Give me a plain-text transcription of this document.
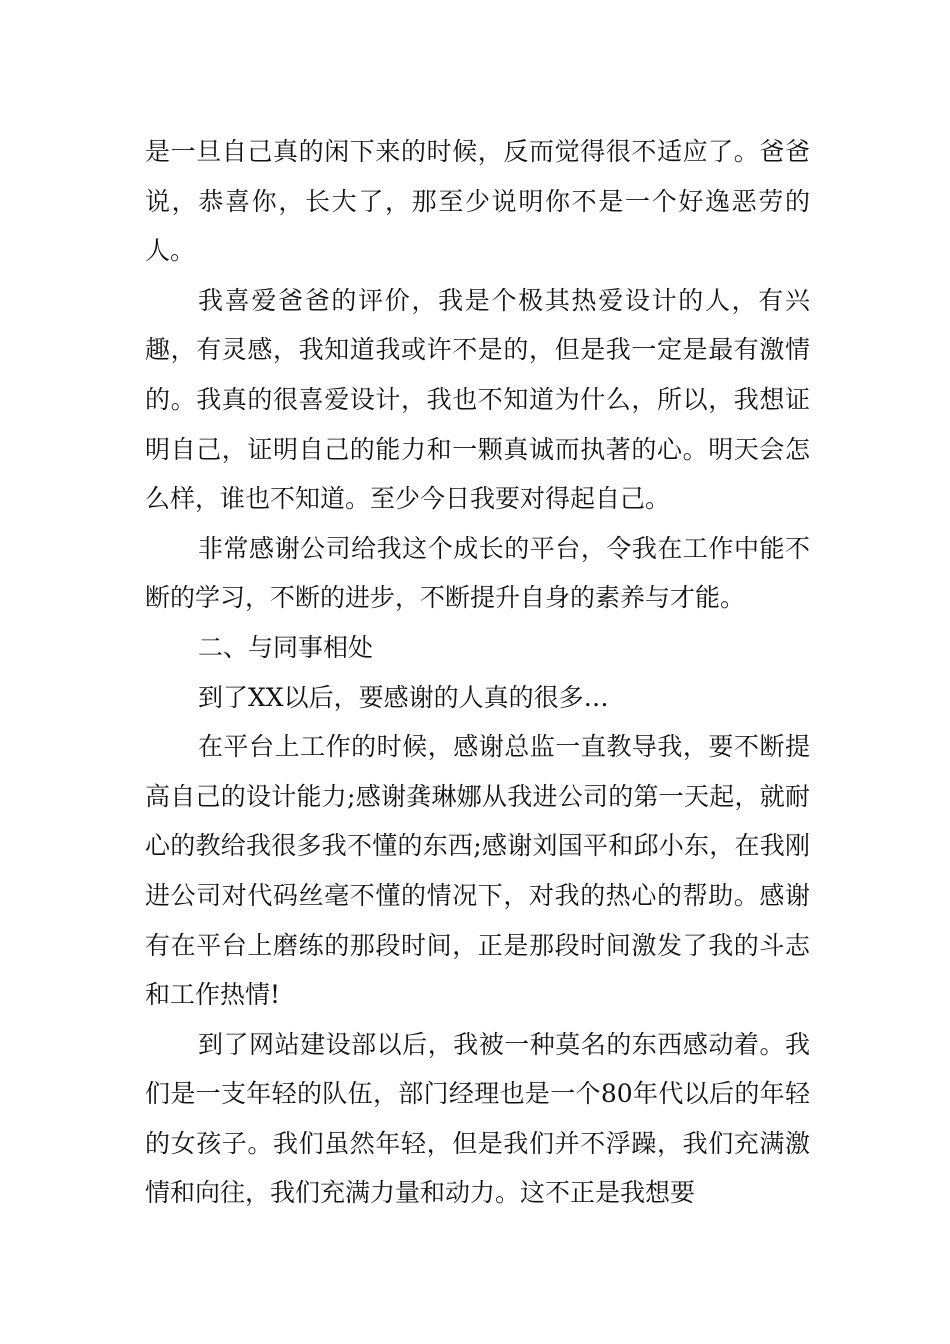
是一旦自己真的闲下来的时候，反而觉得很不适应了。爸爸说，恭喜你，长大了，那至少说明你不是一个好逸恶劳的人。

我喜爱爸爸的评价，我是个极其热爱设计的人，有兴趣，有灵感，我知道我或许不是的，但是我一定是最有激情的。我真的很喜爱设计，我也不知道为什么，所以，我想证明自己，证明自己的能力和一颗真诚而执著的心。明天会怎么样，谁也不知道。至少今日我要对得起自己。

非常感谢公司给我这个成长的平台，令我在工作中能不断的学习，不断的进步，不断提升自身的素养与才能。

二、与同事相处

到了XX以后，要感谢的人真的很多…

在平台上工作的时候，感谢总监一直教导我，要不断提高自己的设计能力;感谢龚琳娜从我进公司的第一天起，就耐心的教给我很多我不懂的东西;感谢刘国平和邱小东，在我刚进公司对代码丝毫不懂的情况下，对我的热心的帮助。感谢有在平台上磨练的那段时间，正是那段时间激发了我的斗志和工作热情!

到了网站建设部以后，我被一种莫名的东西感动着。我们是一支年轻的队伍，部门经理也是一个80年代以后的年轻的女孩子。我们虽然年轻，但是我们并不浮躁，我们充满激情和向往，我们充满力量和动力。这不正是我想要
